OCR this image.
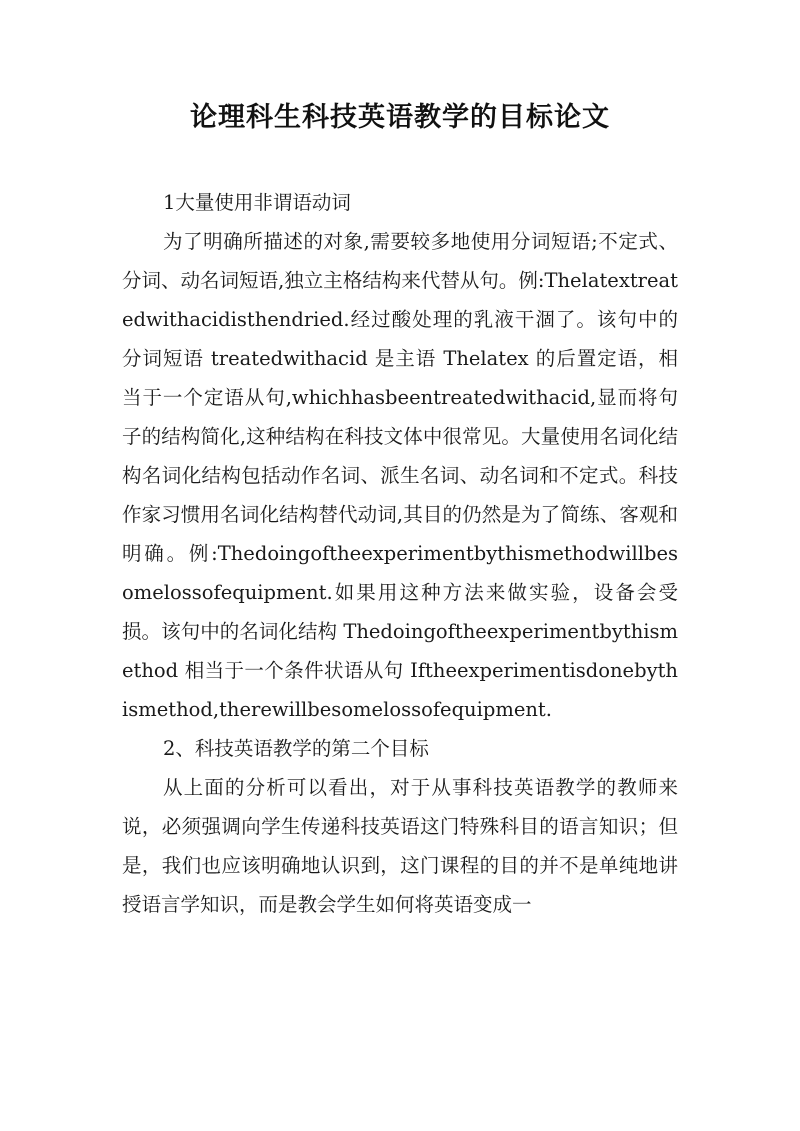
论理科生科技英语教学的目标论文

1大量使用非谓语动词

为了明确所描述的对象,需要较多地使用分词短语;不定式、分词、动名词短语,独立主格结构来代替从句。例:Thelatextreatedwithacidisthendried.经过酸处理的乳液干涸了。该句中的分词短语 treatedwithacid 是主语 Thelatex 的后置定语，相当于一个定语从句,whichhasbeentreatedwithacid,显而将句子的结构简化,这种结构在科技文体中很常见。大量使用名词化结构名词化结构包括动作名词、派生名词、动名词和不定式。科技作家习惯用名词化结构替代动词,其目的仍然是为了简练、客观和明确。例:Thedoingoftheexperimentbythismethodwillbesomelossofequipment.如果用这种方法来做实验，设备会受损。该句中的名词化结构 Thedoingoftheexperimentbythismethod 相当于一个条件状语从句 Iftheexperimentisdonebythismethod,therewillbesomelossofequipment.

2、科技英语教学的第二个目标

从上面的分析可以看出，对于从事科技英语教学的教师来说，必须强调向学生传递科技英语这门特殊科目的语言知识；但是，我们也应该明确地认识到，这门课程的目的并不是单纯地讲授语言学知识，而是教会学生如何将英语变成一
